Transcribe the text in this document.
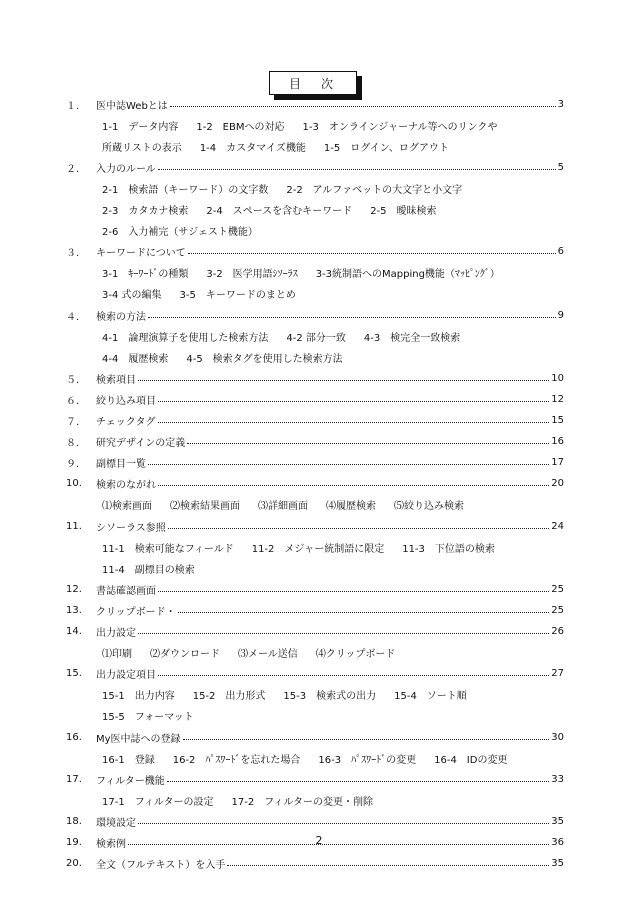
目　次
１.	医中誌Webとは	3
1-1　データ内容 1-2　EBMへの対応 1-3　オンラインジャーナル等へのリンクや
所蔵リストの表示 1-4　カスタマイズ機能 1-5　ログイン、ログアウト
２.	入力のルール	5
2-1　検索語（キーワード）の文字数 2-2　アルファベットの大文字と小文字
2-3　カタカナ検索 2-4　スペースを含むキーワード 2-5　曖昧検索
2-6　入力補完（サジェスト機能）
３.	キーワードについて	6
3-1　ｷｰﾜｰﾄﾞの種類 3-2　医学用語ｼｿｰﾗｽ 3-3統制語へのMapping機能（ﾏｯﾋﾟﾝｸﾞ）
3-4 式の編集 3-5　キーワードのまとめ
４.	検索の方法	9
4-1　論理演算子を使用した検索方法 4-2 部分一致 4-3　検完全一致検索
4-4　履歴検索 4-5　検索タグを使用した検索方法
５.	検索項目	10
６.	絞り込み項目	12
７.	チェックタグ	15
８.	研究デザインの定義	16
９.	副標目一覧	17
10.	検索のながれ	20
⑴検索画面 ⑵検索結果画面 ⑶詳細画面 ⑷履歴検索 ⑸絞り込み検索
11.	シソーラス参照	24
11-1　検索可能なフィールド 11-2　メジャー統制語に限定 11-3　下位語の検索
11-4　副標目の検索
12.	書誌確認画面	25
13.	クリップボード・	25
14.	出力設定	26
⑴印刷 ⑵ダウンロード ⑶メール送信 ⑷クリップボード
15.	出力設定項目	27
15-1　出力内容 15-2　出力形式 15-3　検索式の出力 15-4　ソート順
15-5　フォーマット
16.	My医中誌への登録	30
16-1　登録 16-2　ﾊﾟｽﾜｰﾄﾞを忘れた場合 16-3　ﾊﾟｽﾜｰﾄﾞの変更 16-4　IDの変更
17.	フィルター機能	33
17-1　フィルターの設定 17-2　フィルターの変更・削除
18.	環境設定	35
19.	検索例	36
20.	全文（フルテキスト）を入手	35
2
